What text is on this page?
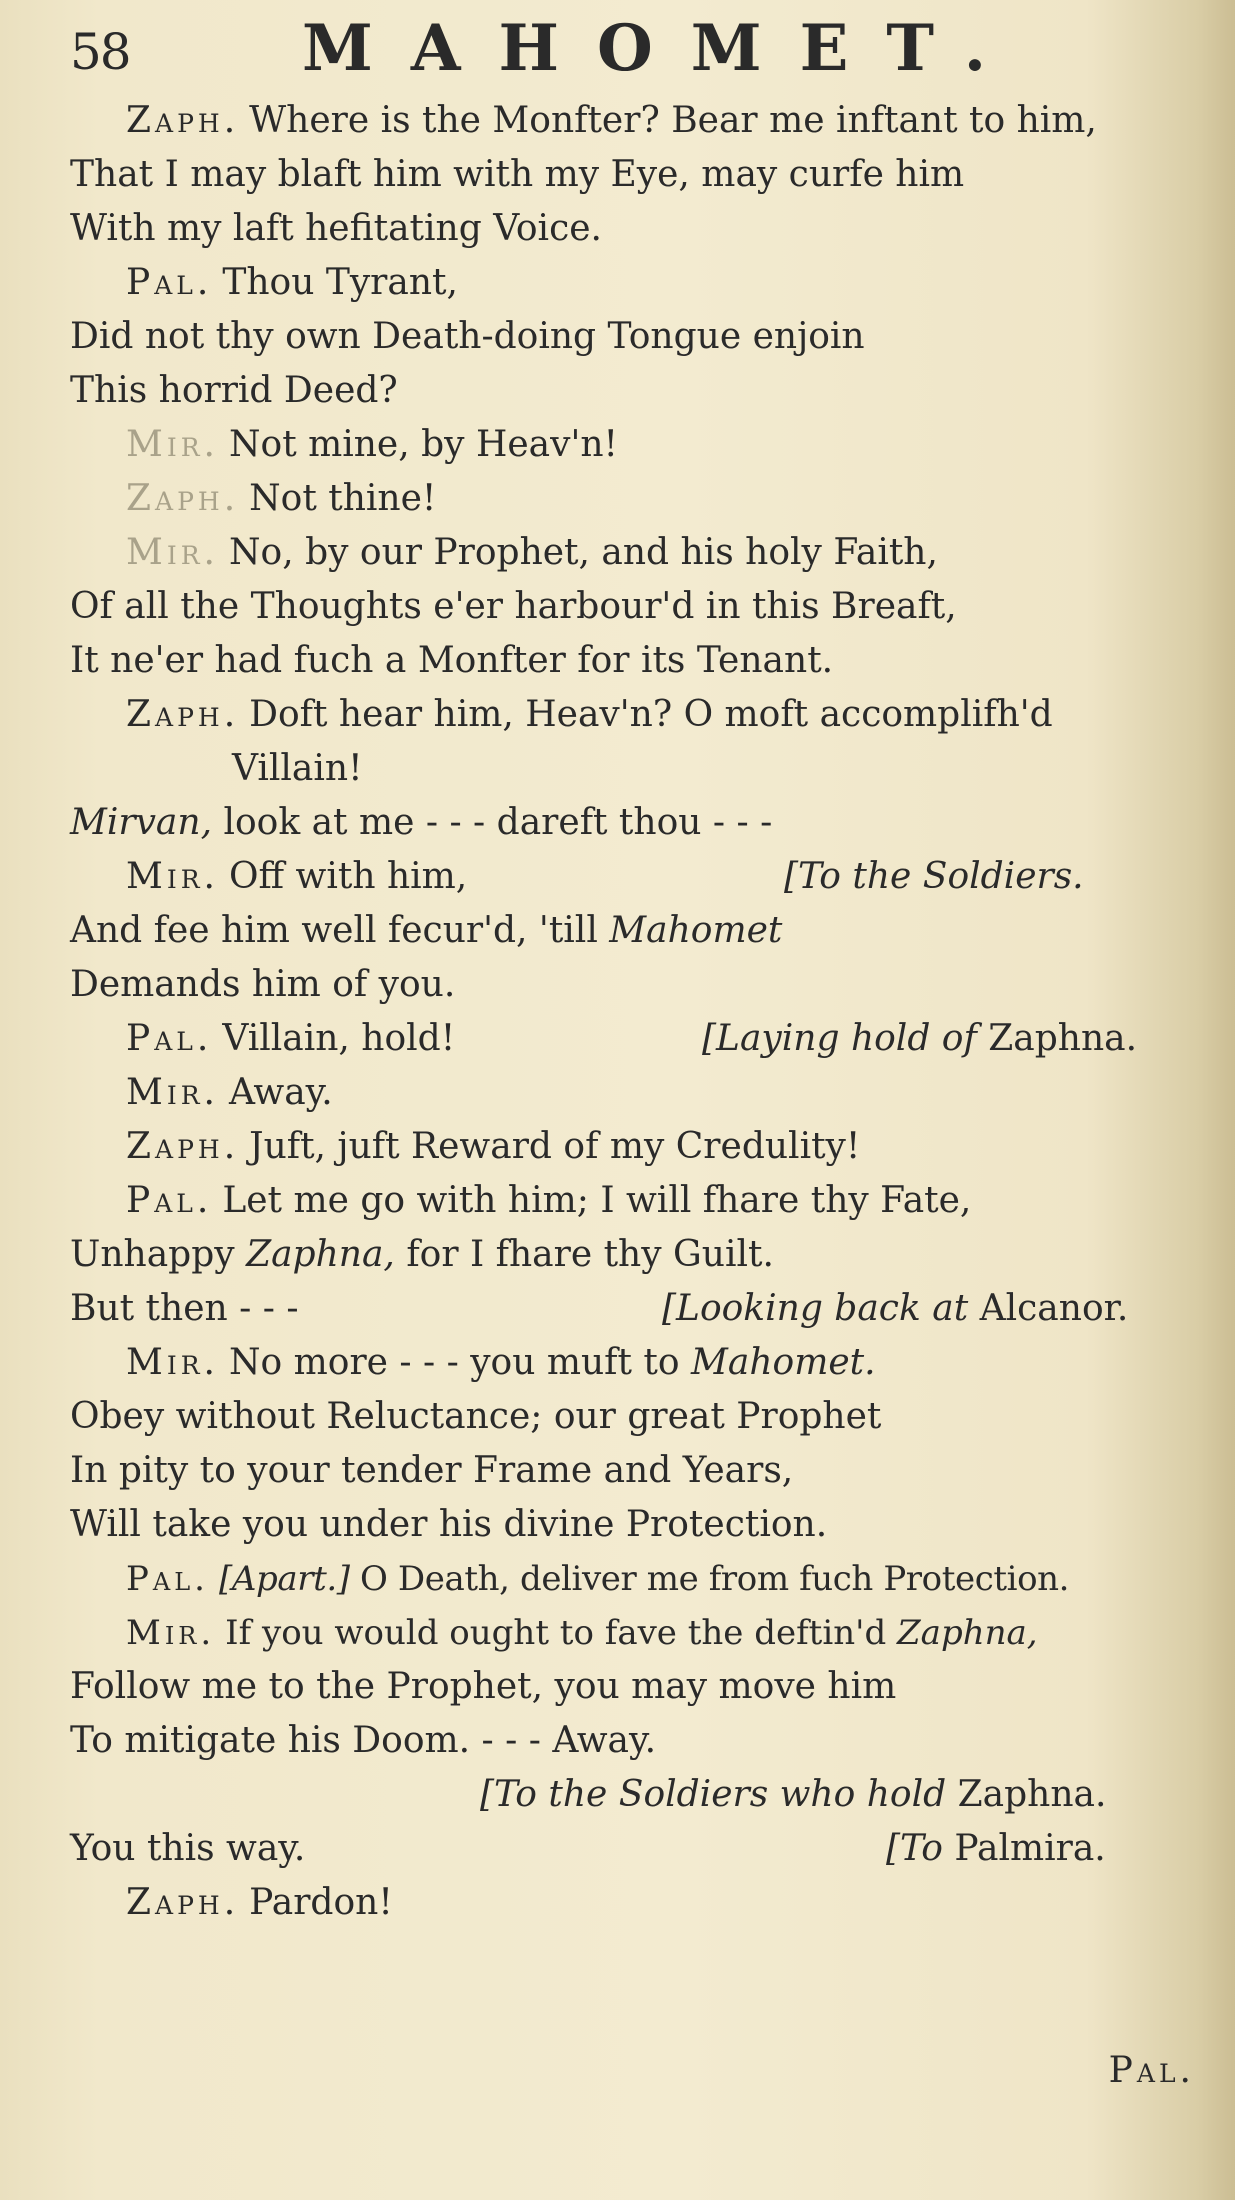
58	MAHOMET.
Zaph. Where is the Monfter? Bear me inftant to him,
That I may blaft him with my Eye, may curfe him
With my laft hefitating Voice.
Pal. Thou Tyrant,
Did not thy own Death-doing Tongue enjoin
This horrid Deed?
Mir. Not mine, by Heav'n!
Zaph. Not thine!
Mir. No, by our Prophet, and his holy Faith,
Of all the Thoughts e'er harbour'd in this Breaft,
It ne'er had fuch a Monfter for its Tenant.
Zaph. Doft hear him, Heav'n? O moft accomplifh'd
Villain!
Mirvan, look at me - - - dareft thou - - -
Mir. Off with him,	[To the Soldiers.
And fee him well fecur'd, 'till Mahomet
Demands him of you.
Pal. Villain, hold!	[Laying hold of Zaphna.
Mir. Away.
Zaph. Juft, juft Reward of my Credulity!
Pal. Let me go with him; I will fhare thy Fate,
Unhappy Zaphna, for I fhare thy Guilt.
But then - - -	[Looking back at Alcanor.
Mir. No more - - - you muft to Mahomet.
Obey without Reluctance; our great Prophet
In pity to your tender Frame and Years,
Will take you under his divine Protection.
Pal. [Apart.] O Death, deliver me from fuch Protection.
Mir. If you would ought to fave the deftin'd Zaphna,
Follow me to the Prophet, you may move him
To mitigate his Doom. - - - Away.
[To the Soldiers who hold Zaphna.
You this way.	[To Palmira.
Zaph. Pardon!
Pal.
